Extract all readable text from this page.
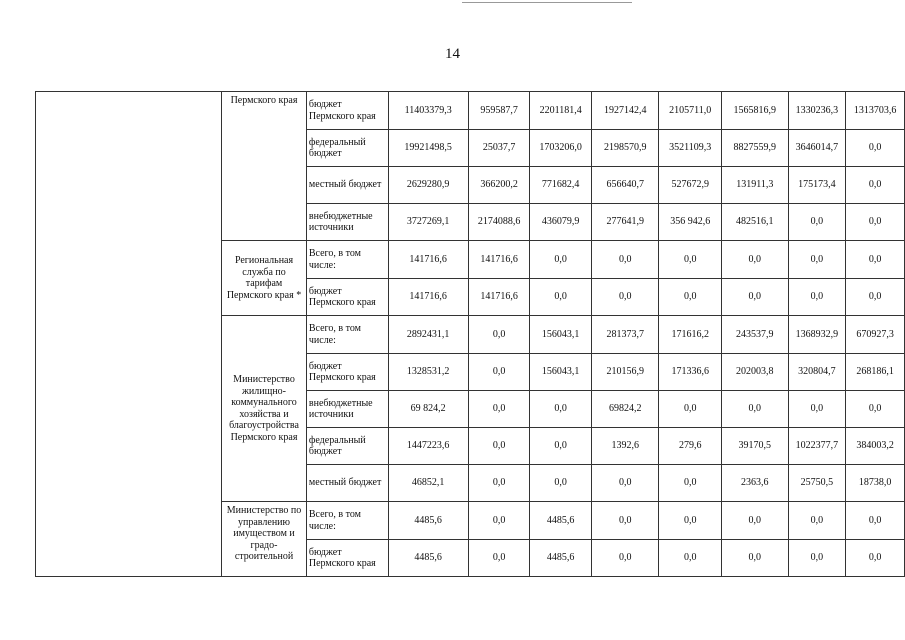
14
	Пермского края	бюджет Пермского края	11403379,3	959587,7	2201181,4	1927142,4	2105711,0	1565816,9	1330236,3	1313703,6
		федеральный бюджет	19921498,5	25037,7	1703206,0	2198570,9	3521109,3	8827559,9	3646014,7	0,0
		местный бюджет	2629280,9	366200,2	771682,4	656640,7	527672,9	131911,3	175173,4	0,0
		внебюджетные источники	3727269,1	2174088,6	436079,9	277641,9	356 942,6	482516,1	0,0	0,0
	Региональная служба по тарифам Пермского края *	Всего, в том числе:	141716,6	141716,6	0,0	0,0	0,0	0,0	0,0	0,0
		бюджет Пермского края	141716,6	141716,6	0,0	0,0	0,0	0,0	0,0	0,0
	Министерство жилищно-коммунального хозяйства и благоустройства Пермского края	Всего, в том числе:	2892431,1	0,0	156043,1	281373,7	171616,2	243537,9	1368932,9	670927,3
		бюджет Пермского края	1328531,2	0,0	156043,1	210156,9	171336,6	202003,8	320804,7	268186,1
		внебюджетные источники	69 824,2	0,0	0,0	69824,2	0,0	0,0	0,0	0,0
		федеральный бюджет	1447223,6	0,0	0,0	1392,6	279,6	39170,5	1022377,7	384003,2
		местный бюджет	46852,1	0,0	0,0	0,0	0,0	2363,6	25750,5	18738,0
	Министерство по управлению имуществом и градо-строительной	Всего, в том числе:	4485,6	0,0	4485,6	0,0	0,0	0,0	0,0	0,0
		бюджет Пермского края	4485,6	0,0	4485,6	0,0	0,0	0,0	0,0	0,0
